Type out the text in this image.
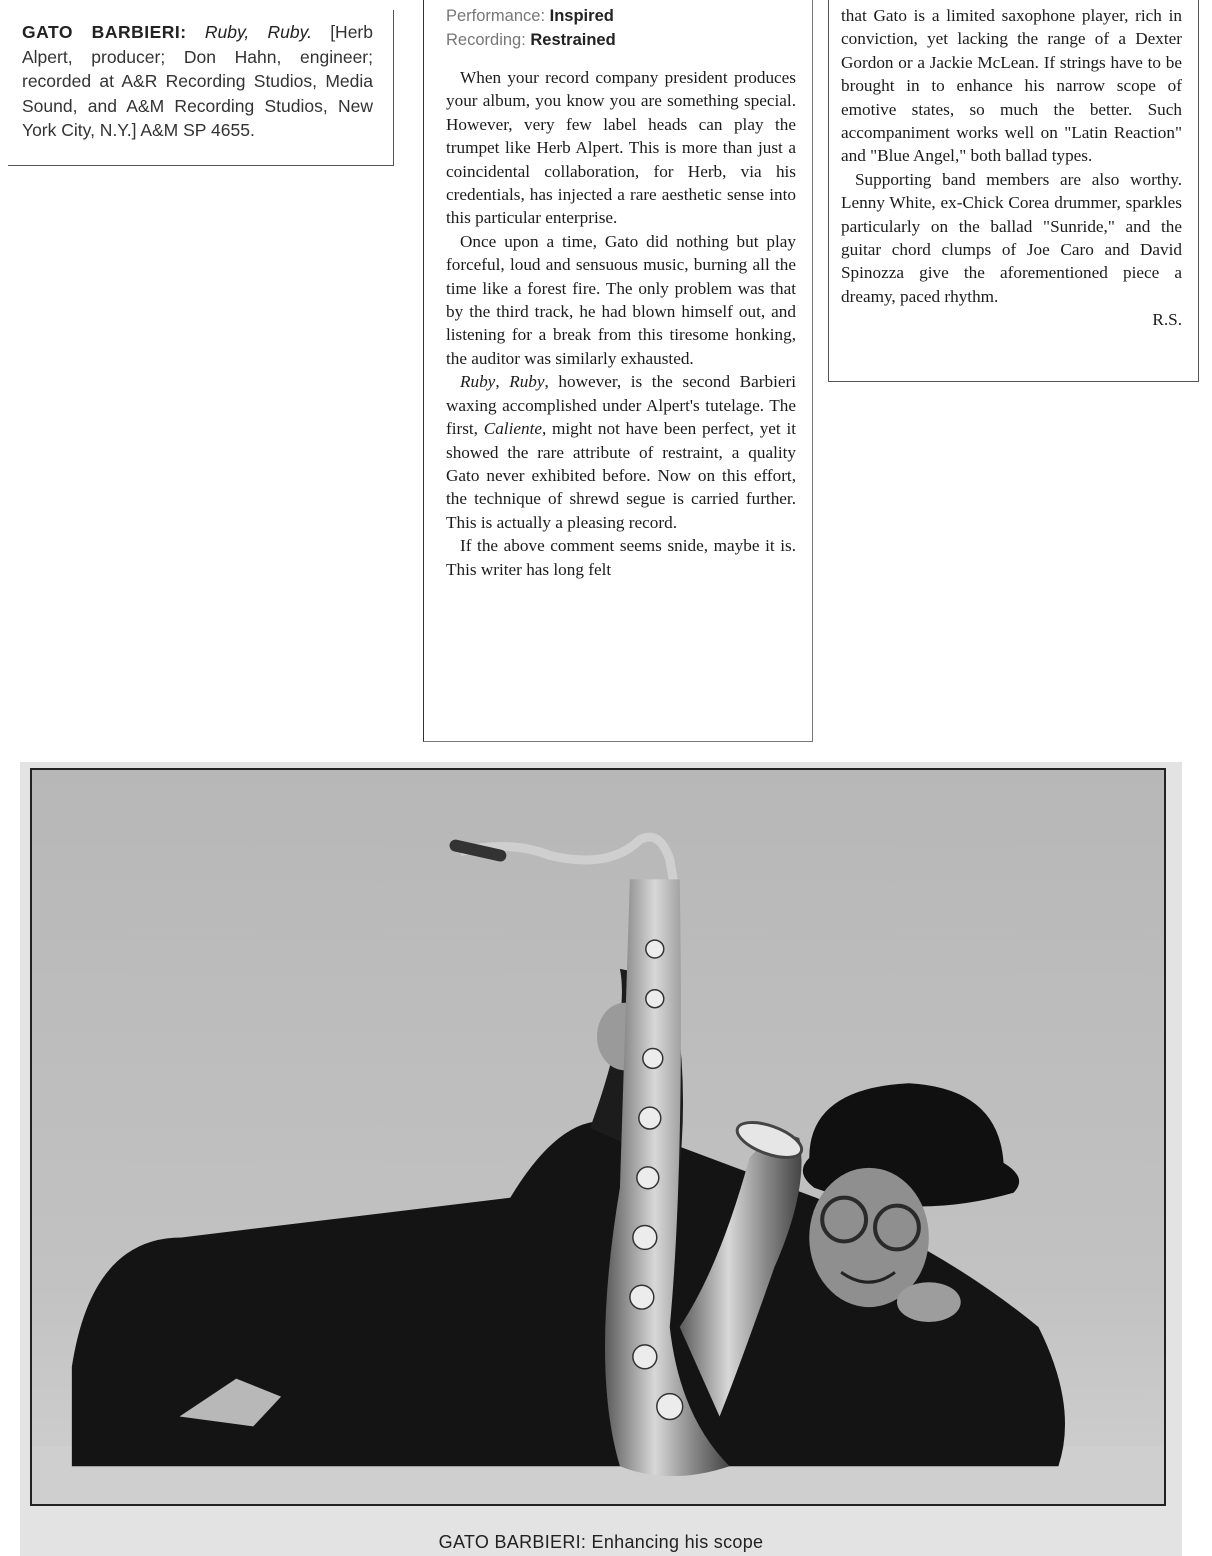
GATO BARBIERI: Ruby, Ruby. [Herb Alpert, producer; Don Hahn, engineer; recorded at A&R Recording Studios, Media Sound, and A&M Recording Studios, New York City, N.Y.] A&M SP 4655.
Performance: Inspired
Recording: Restrained

When your record company president produces your album, you know you are something special. However, very few label heads can play the trumpet like Herb Alpert. This is more than just a coincidental collaboration, for Herb, via his credentials, has injected a rare aesthetic sense into this particular enterprise.

Once upon a time, Gato did nothing but play forceful, loud and sensuous music, burning all the time like a forest fire. The only problem was that by the third track, he had blown himself out, and listening for a break from this tiresome honking, the auditor was similarly exhausted.

Ruby, Ruby, however, is the second Barbieri waxing accomplished under Alpert's tutelage. The first, Caliente, might not have been perfect, yet it showed the rare attribute of restraint, a quality Gato never exhibited before. Now on this effort, the technique of shrewd segue is carried further. This is actually a pleasing record.

If the above comment seems snide, maybe it is. This writer has long felt

that Gato is a limited saxophone player, rich in conviction, yet lacking the range of a Dexter Gordon or a Jackie McLean. If strings have to be brought in to enhance his narrow scope of emotive states, so much the better. Such accompaniment works well on "Latin Reaction" and "Blue Angel," both ballad types.

Supporting band members are also worthy. Lenny White, ex-Chick Corea drummer, sparkles particularly on the ballad "Sunride," and the guitar chord clumps of Joe Caro and David Spinozza give the aforementioned piece a dreamy, paced rhythm.

R.S.
GATO BARBIERI: Enhancing his scope
